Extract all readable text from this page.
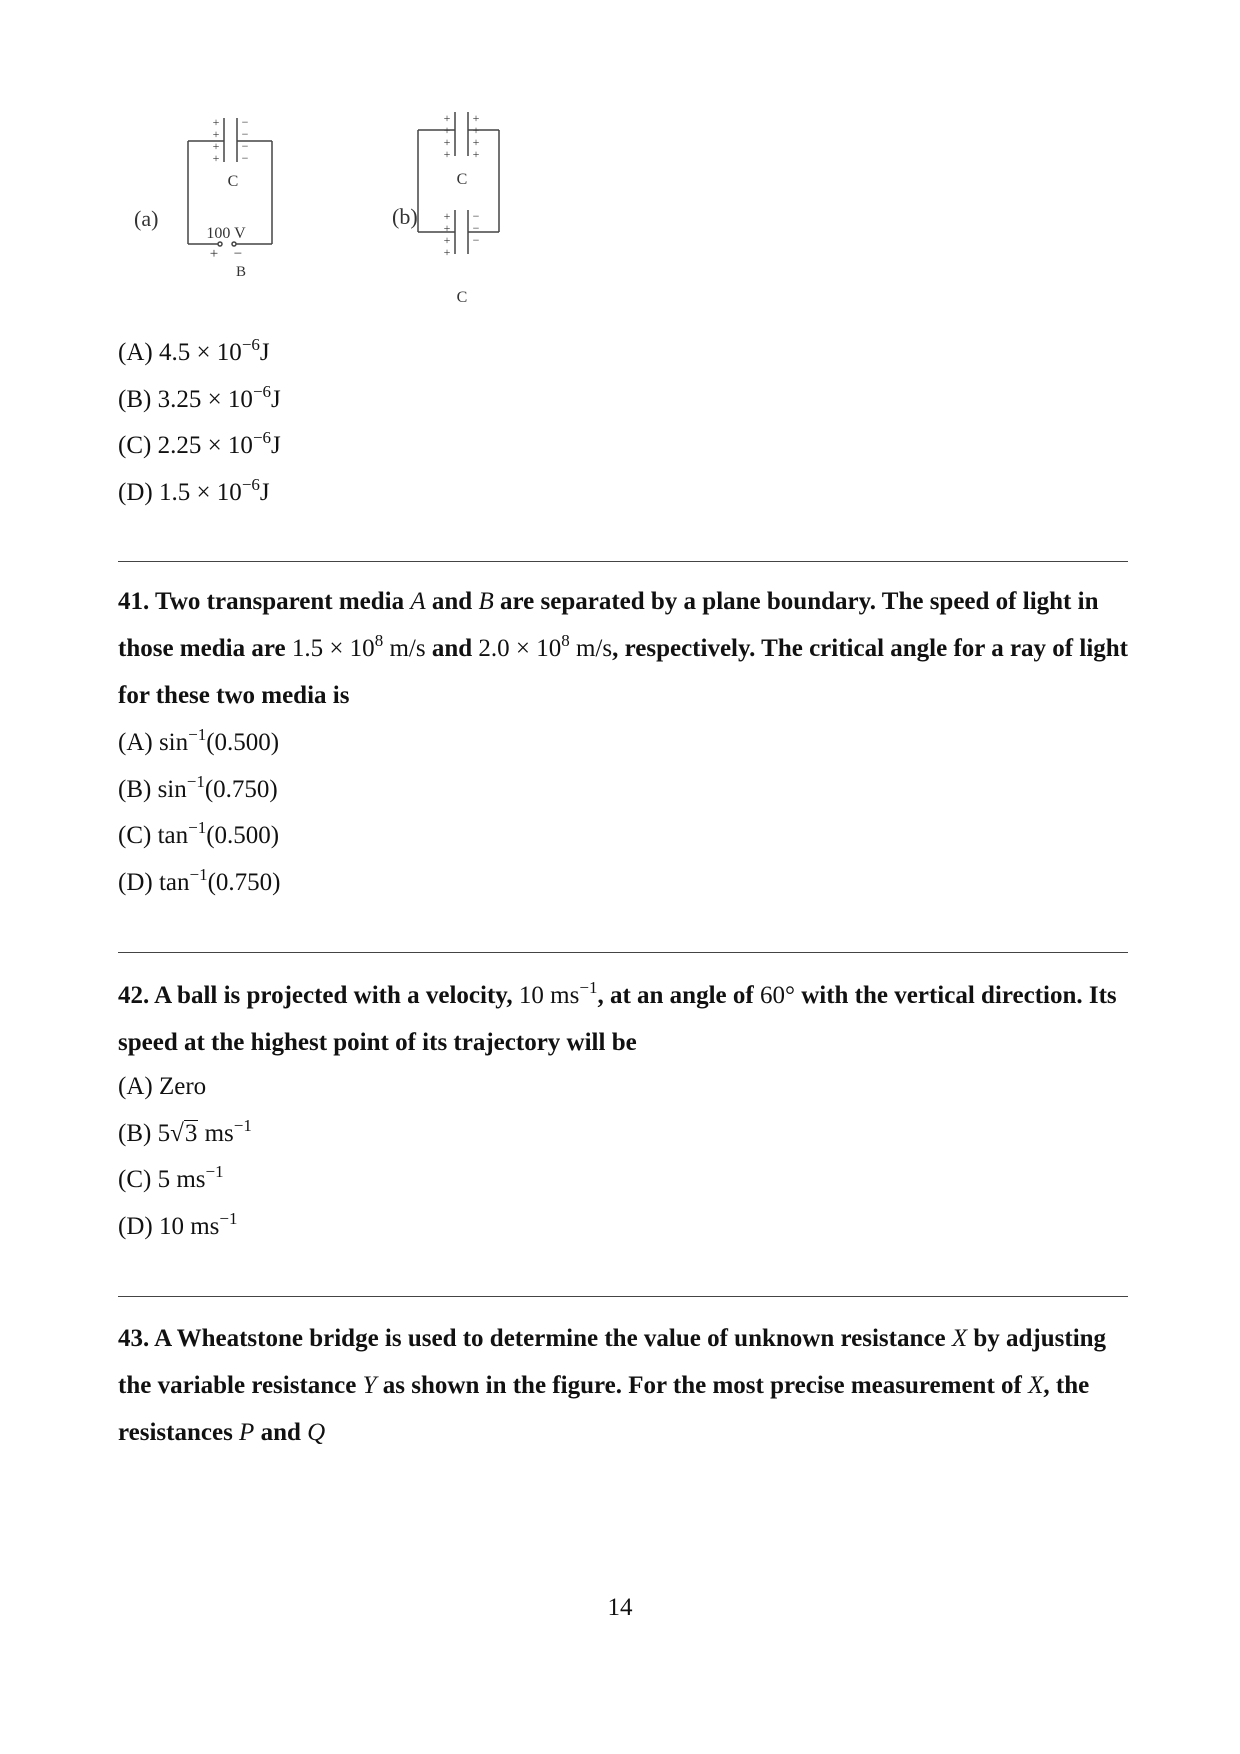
(a)	(b)
+
+
+
+
−
−
−
−
C
100 V
+ −
B
+
+
+
+
+
+
+
+
+
+
+
+
−
−
−
C
C
(A) $4.5 \times 10^{-6}J$
(B) $3.25 \times 10^{-6}J$
(C) $2.25 \times 10^{-6}J$
(D) $1.5 \times 10^{-6}J$
41. Two transparent media A and B are separated by a plane boundary. The speed of light in those media are $1.5 \times 10^8$ m/s and $2.0 \times 10^8$ m/s, respectively. The critical angle for a ray of light for these two media is
(A) $\sin^{-1}(0.500)$
(B) $\sin^{-1}(0.750)$
(C) $\tan^{-1}(0.500)$
(D) $\tan^{-1}(0.750)$
42. A ball is projected with a velocity, 10 $ms^{-1}$, at an angle of 60° with the vertical direction. Its speed at the highest point of its trajectory will be
(A) Zero
(B) 5√3 $ms^{-1}$
(C) 5 $ms^{-1}$
(D) 10 $ms^{-1}$
43. A Wheatstone bridge is used to determine the value of unknown resistance X by adjusting the variable resistance Y as shown in the figure. For the most precise measurement of X, the resistances P and Q
14
